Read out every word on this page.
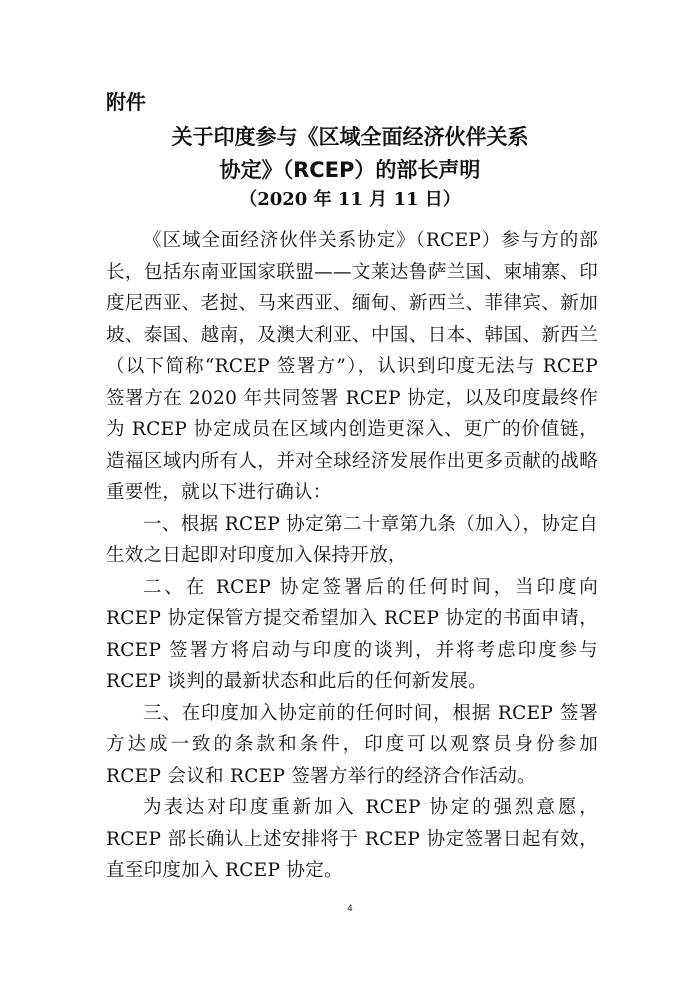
附件
关于印度参与《区域全面经济伙伴关系
协定》（RCEP）的部长声明
（2020 年 11 月 11 日）

《区域全面经济伙伴关系协定》（RCEP）参与方的部长，包括东南亚国家联盟——文莱达鲁萨兰国、柬埔寨、印度尼西亚、老挝、马来西亚、缅甸、新西兰、菲律宾、新加坡、泰国、越南，及澳大利亚、中国、日本、韩国、新西兰（以下简称“RCEP 签署方”），认识到印度无法与 RCEP 签署方在 2020 年共同签署 RCEP 协定，以及印度最终作为 RCEP 协定成员在区域内创造更深入、更广的价值链，造福区域内所有人，并对全球经济发展作出更多贡献的战略重要性，就以下进行确认：

一、根据 RCEP 协定第二十章第九条（加入），协定自生效之日起即对印度加入保持开放，

二、在 RCEP 协定签署后的任何时间，当印度向 RCEP 协定保管方提交希望加入 RCEP 协定的书面申请，RCEP 签署方将启动与印度的谈判，并将考虑印度参与 RCEP 谈判的最新状态和此后的任何新发展。

三、在印度加入协定前的任何时间，根据 RCEP 签署方达成一致的条款和条件，印度可以观察员身份参加 RCEP 会议和 RCEP 签署方举行的经济合作活动。

为表达对印度重新加入 RCEP 协定的强烈意愿，RCEP 部长确认上述安排将于 RCEP 协定签署日起有效，直至印度加入 RCEP 协定。

4
